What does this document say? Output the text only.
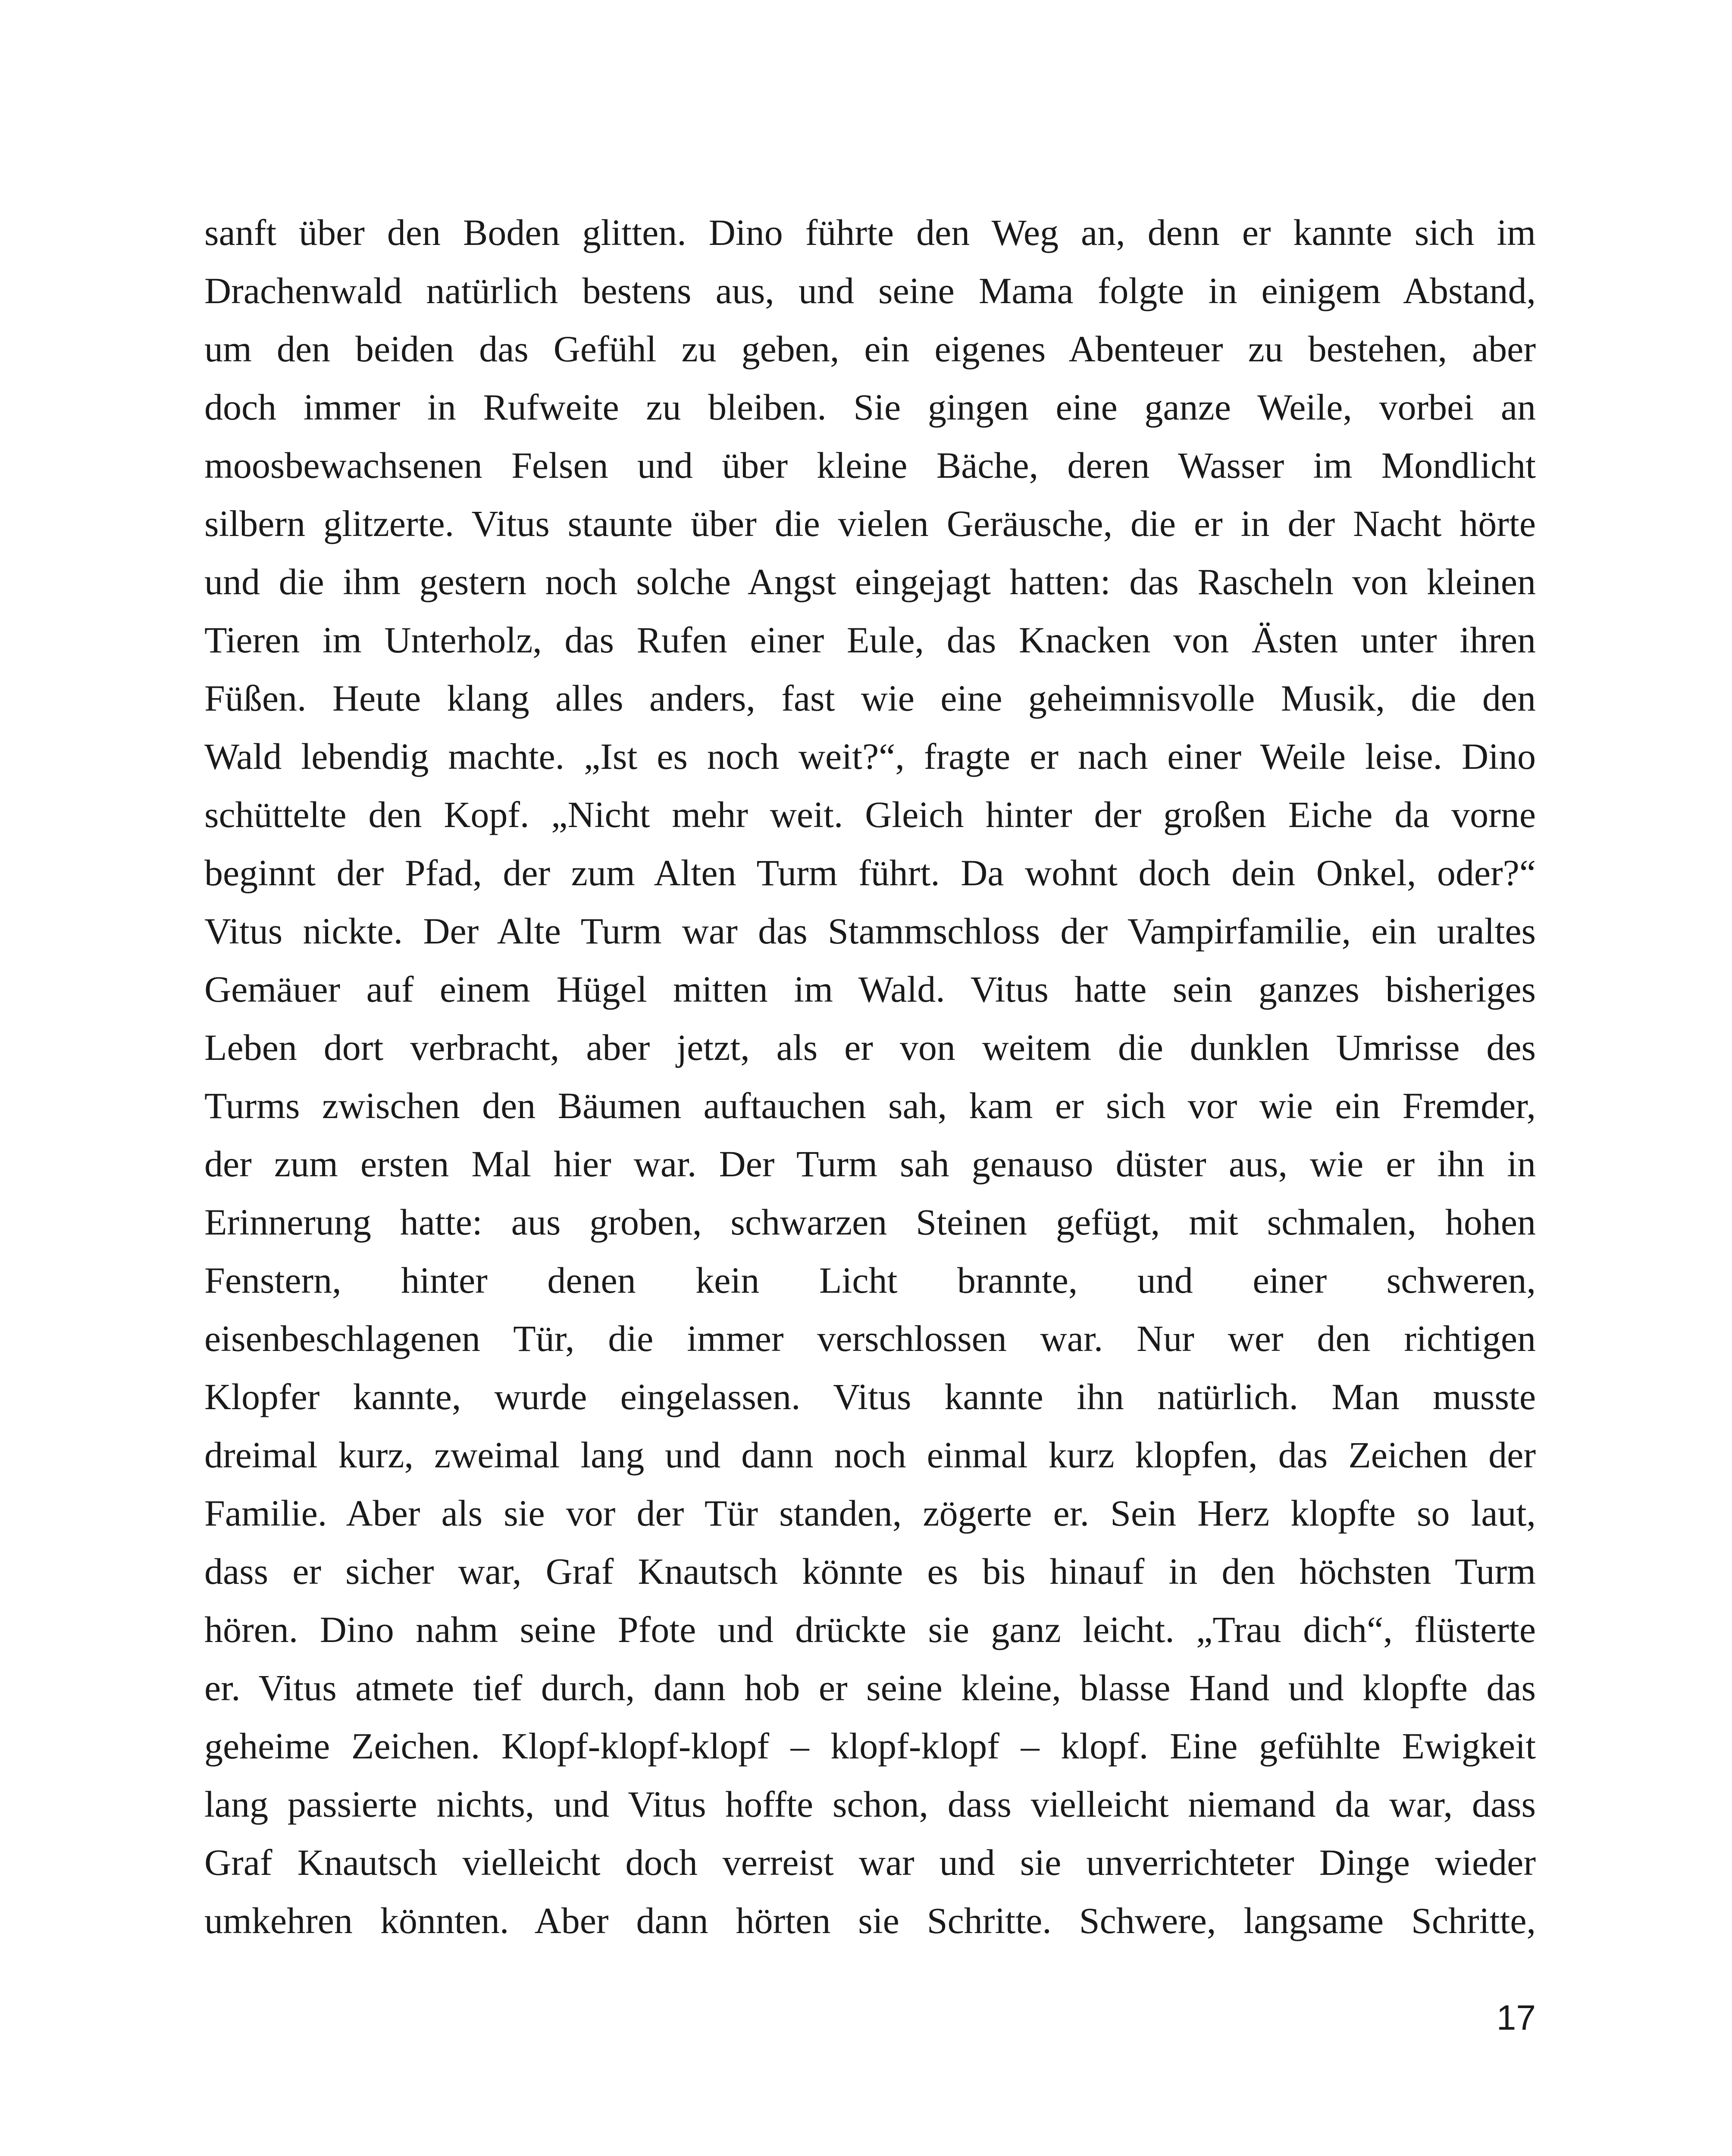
sanft über den Boden glitten. Dino führte den Weg an, denn er kannte sich im
Drachenwald natürlich bestens aus, und seine Mama folgte in einigem Abstand,
um den beiden das Gefühl zu geben, ein eigenes Abenteuer zu bestehen, aber
doch immer in Rufweite zu bleiben. Sie gingen eine ganze Weile, vorbei an
moosbewachsenen Felsen und über kleine Bäche, deren Wasser im Mondlicht
silbern glitzerte. Vitus staunte über die vielen Geräusche, die er in der Nacht hörte
und die ihm gestern noch solche Angst eingejagt hatten: das Rascheln von kleinen
Tieren im Unterholz, das Rufen einer Eule, das Knacken von Ästen unter ihren
Füßen. Heute klang alles anders, fast wie eine geheimnisvolle Musik, die den
Wald lebendig machte. „Ist es noch weit?“, fragte er nach einer Weile leise. Dino
schüttelte den Kopf. „Nicht mehr weit. Gleich hinter der großen Eiche da vorne
beginnt der Pfad, der zum Alten Turm führt. Da wohnt doch dein Onkel, oder?“
Vitus nickte. Der Alte Turm war das Stammschloss der Vampirfamilie, ein uraltes
Gemäuer auf einem Hügel mitten im Wald. Vitus hatte sein ganzes bisheriges
Leben dort verbracht, aber jetzt, als er von weitem die dunklen Umrisse des
Turms zwischen den Bäumen auftauchen sah, kam er sich vor wie ein Fremder,
der zum ersten Mal hier war. Der Turm sah genauso düster aus, wie er ihn in
Erinnerung hatte: aus groben, schwarzen Steinen gefügt, mit schmalen, hohen
Fenstern, hinter denen kein Licht brannte, und einer schweren,
eisenbeschlagenen Tür, die immer verschlossen war. Nur wer den richtigen
Klopfer kannte, wurde eingelassen. Vitus kannte ihn natürlich. Man musste
dreimal kurz, zweimal lang und dann noch einmal kurz klopfen, das Zeichen der
Familie. Aber als sie vor der Tür standen, zögerte er. Sein Herz klopfte so laut,
dass er sicher war, Graf Knautsch könnte es bis hinauf in den höchsten Turm
hören. Dino nahm seine Pfote und drückte sie ganz leicht. „Trau dich“, flüsterte
er. Vitus atmete tief durch, dann hob er seine kleine, blasse Hand und klopfte das
geheime Zeichen. Klopf-klopf-klopf – klopf-klopf – klopf. Eine gefühlte Ewigkeit
lang passierte nichts, und Vitus hoffte schon, dass vielleicht niemand da war, dass
Graf Knautsch vielleicht doch verreist war und sie unverrichteter Dinge wieder
umkehren könnten. Aber dann hörten sie Schritte. Schwere, langsame Schritte,
17
